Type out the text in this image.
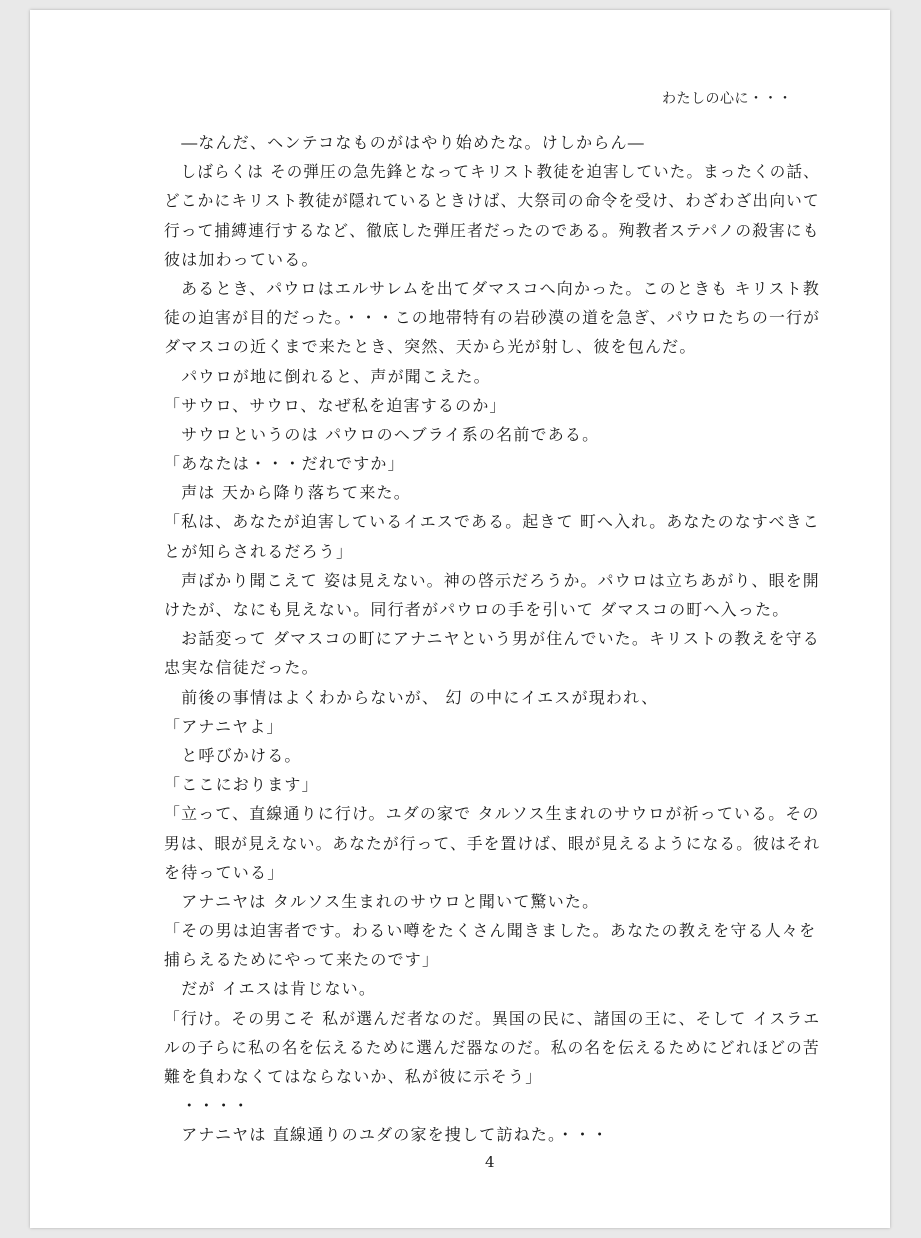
わたしの心に・・・
　―なんだ、ヘンテコなものがはやり始めたな。けしからん―
　しばらくは その弾圧の急先鋒となってキリスト教徒を迫害していた。まったくの話、
どこかにキリスト教徒が隠れているときけば、大祭司の命令を受け、わざわざ出向いて
行って捕縛連行するなど、徹底した弾圧者だったのである。殉教者ステパノの殺害にも
彼は加わっている。
　あるとき、パウロはエルサレムを出てダマスコへ向かった。このときも キリスト教
徒の迫害が目的だった。・・・この地帯特有の岩砂漠の道を急ぎ、パウロたちの一行が
ダマスコの近くまで来たとき、突然、天から光が射し、彼を包んだ。
　パウロが地に倒れると、声が聞こえた。
「サウロ、サウロ、なぜ私を迫害するのか」
　サウロというのは パウロのヘブライ系の名前である。
「あなたは・・・だれですか」
　声は 天から降り落ちて来た。
「私は、あなたが迫害しているイエスである。起きて 町へ入れ。あなたのなすべきこ
とが知らされるだろう」
　声ばかり聞こえて 姿は見えない。神の啓示だろうか。パウロは立ちあがり、眼を開
けたが、なにも見えない。同行者がパウロの手を引いて ダマスコの町へ入った。
　お話変って ダマスコの町にアナニヤという男が住んでいた。キリストの教えを守る
忠実な信徒だった。
　前後の事情はよくわからないが、 幻 の中にイエスが現われ、
「アナニヤよ」
　と呼びかける。
「ここにおります」
「立って、直線通りに行け。ユダの家で タルソス生まれのサウロが祈っている。その
男は、眼が見えない。あなたが行って、手を置けば、眼が見えるようになる。彼はそれ
を待っている」
　アナニヤは タルソス生まれのサウロと聞いて驚いた。
「その男は迫害者です。わるい噂をたくさん聞きました。あなたの教えを守る人々を
捕らえるためにやって来たのです」
　だが イエスは肯じない。
「行け。その男こそ 私が選んだ者なのだ。異国の民に、諸国の王に、そして イスラエ
ルの子らに私の名を伝えるために選んだ器なのだ。私の名を伝えるためにどれほどの苦
難を負わなくてはならないか、私が彼に示そう」
　・・・・
　アナニヤは 直線通りのユダの家を捜して訪ねた。・・・
4
